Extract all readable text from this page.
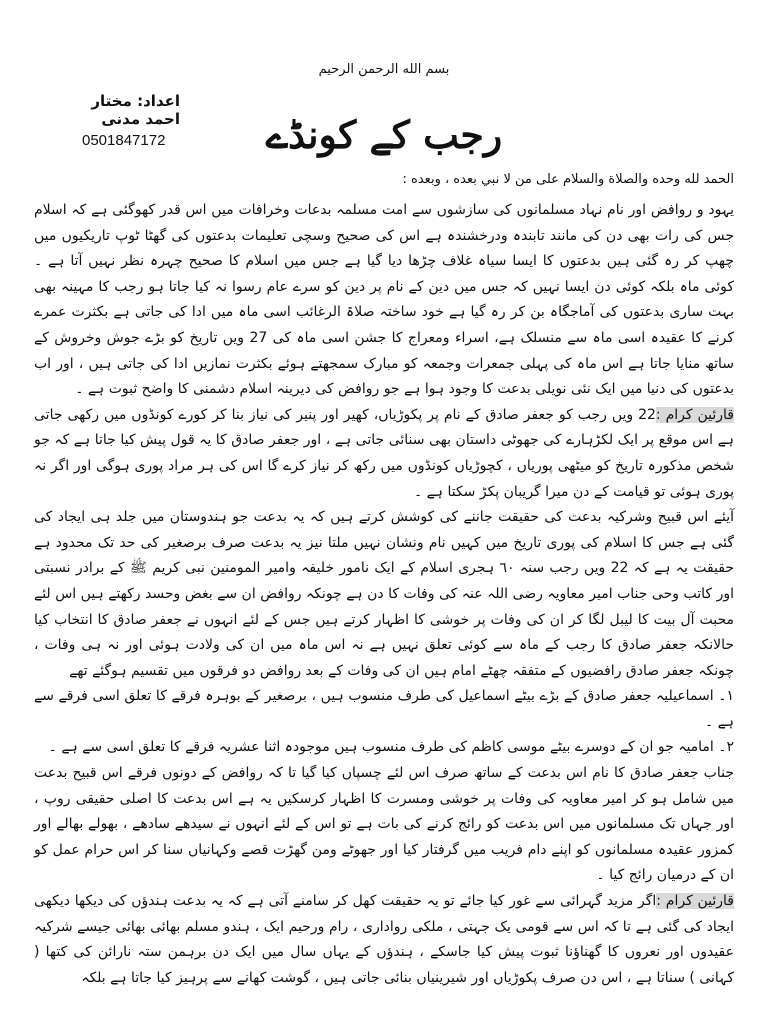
بسم الله الرحمن الرحیم
رجب کے کونڈے
اعداد: مختار احمد مدنی
0501847172
الحمد لله وحده والصلاة والسلام على من لا نبي بعده ، وبعده :

یہود و روافض اور نام نہاد مسلمانوں کی سازشوں سے امت مسلمہ بدعات وخرافات میں اس قدر کھوگئی ہے کہ اسلام جس کی رات بھی دن کی مانند تابندہ ودرخشندہ ہے اس کی صحیح وسچی تعلیمات بدعتوں کی گھٹا ٹوپ تاریکیوں میں چھپ کر رہ گئی ہیں بدعتوں کا ایسا سیاہ غلاف چڑھا دیا گیا ہے جس میں اسلام کا صحیح چہرہ نظر نہیں آتا ہے ۔ کوئی ماہ بلکہ کوئی دن ایسا نہیں کہ جس میں دین کے نام پر دین کو سرے عام رسوا نہ کیا جاتا ہو رجب کا مہینہ بھی بہت ساری بدعتوں کی آماجگاہ بن کر رہ گیا ہے خود ساختہ صلاۃ الرغائب اسی ماہ میں ادا کی جاتی ہے بکثرت عمرے کرنے کا عقیدہ اسی ماہ سے منسلک ہے، اسراء ومعراج کا جشن اسی ماہ کی 27 ویں تاریخ کو بڑے جوش وخروش کے ساتھ منایا جاتا ہے اس ماہ کی پہلی جمعرات وجمعہ کو مبارک سمجھتے ہوئے بکثرت نمازیں ادا کی جاتی ہیں ، اور اب بدعتوں کی دنیا میں ایک نئی نویلی بدعت کا وجود ہوا ہے جو روافض کی دیرینہ اسلام دشمنی کا واضح ثبوت ہے ۔

قارئین کرام :22 ویں رجب کو جعفر صادق کے نام پر پکوڑیاں، کھیر اور پنیر کی نیاز بنا کر کورے کونڈوں میں رکھی جاتی ہے اس موقع پر ایک لکڑہارے کی جھوٹی داستان بھی سنائی جاتی ہے ، اور جعفر صادق کا یہ قول پیش کیا جاتا ہے کہ جو شخص مذکورہ تاریخ کو میٹھی پوریاں ، کچوڑیاں کونڈوں میں رکھ کر نیاز کرے گا اس کی ہر مراد پوری ہوگی اور اگر نہ پوری ہوئی تو قیامت کے دن میرا گریبان پکڑ سکتا ہے ۔

آیئے اس قبیح وشرکیہ بدعت کی حقیقت جاننے کی کوشش کرتے ہیں کہ یہ بدعت جو ہندوستان میں جلد ہی ایجاد کی گئی ہے جس کا اسلام کی پوری تاریخ میں کہیں نام ونشان نہیں ملتا نیز یہ بدعت صرف برصغیر کی حد تک محدود ہے حقیقت یہ ہے کہ 22 ویں رجب سنہ ٦٠ ہجری اسلام کے ایک نامور خلیفہ وامیر المومنین نبی کریم ﷺ کے برادر نسبتی اور کاتب وحی جناب امیر معاویہ رضی اللہ عنہ کی وفات کا دن ہے چونکہ روافض ان سے بغض وحسد رکھتے ہیں اس لئے محبت آل بیت کا لیبل لگا کر ان کی وفات پر خوشی کا اظہار کرتے ہیں جس کے لئے انہوں نے جعفر صادق کا انتخاب کیا حالانکہ جعفر صادق کا رجب کے ماہ سے کوئی تعلق نہیں ہے نہ اس ماہ میں ان کی ولادت ہوئی اور نہ ہی وفات ، چونکہ جعفر صادق رافضیوں کے متفقہ چھٹے امام ہیں ان کی وفات کے بعد روافض دو فرقوں میں تقسیم ہوگئے تھے

١۔ اسماعیلیہ جعفر صادق کے بڑے بیٹے اسماعیل کی طرف منسوب ہیں ، برصغیر کے بوہرہ فرقے کا تعلق اسی فرقے سے ہے ۔

٢۔ امامیہ جو ان کے دوسرے بیٹے موسی کاظم کی طرف منسوب ہیں موجودہ اثنا عشریہ فرقے کا تعلق اسی سے ہے ۔

جناب جعفر صادق کا نام اس بدعت کے ساتھ صرف اس لئے چسپاں کیا گیا تا کہ روافض کے دونوں فرقے اس قبیح بدعت میں شامل ہو کر امیر معاویہ کی وفات پر خوشی ومسرت کا اظہار کرسکیں یہ ہے اس بدعت کا اصلی حقیقی روپ ، اور جہاں تک مسلمانوں میں اس بدعت کو رائج کرنے کی بات ہے تو اس کے لئے انہوں نے سیدھے سادھے ، بھولے بھالے اور کمزور عقیدہ مسلمانوں کو اپنے دام فریب میں گرفتار کیا اور جھوٹے ومن گھڑت قصے وکہانیاں سنا کر اس حرام عمل کو ان کے درمیان رائج کیا ۔

قارئین کرام :اگر مزید گہرائی سے غور کیا جائے تو یہ حقیقت کھل کر سامنے آتی ہے کہ یہ بدعت ہندؤں کی دیکھا دیکھی ایجاد کی گئی ہے تا کہ اس سے قومی یک جہتی ، ملکی رواداری ، رام ورحیم ایک ، ہندو مسلم بھائی بھائی جیسے شرکیہ عقیدوں اور نعروں کا گھناؤنا ثبوت پیش کیا جاسکے ، ہندؤں کے یہاں سال میں ایک دن برہمن ستہ نارائن کی کتھا ( کہانی ) سناتا ہے ، اس دن صرف پکوڑیاں اور شیرینیاں بنائی جاتی ہیں ، گوشت کھانے سے پرہیز کیا جاتا ہے بلکہ
